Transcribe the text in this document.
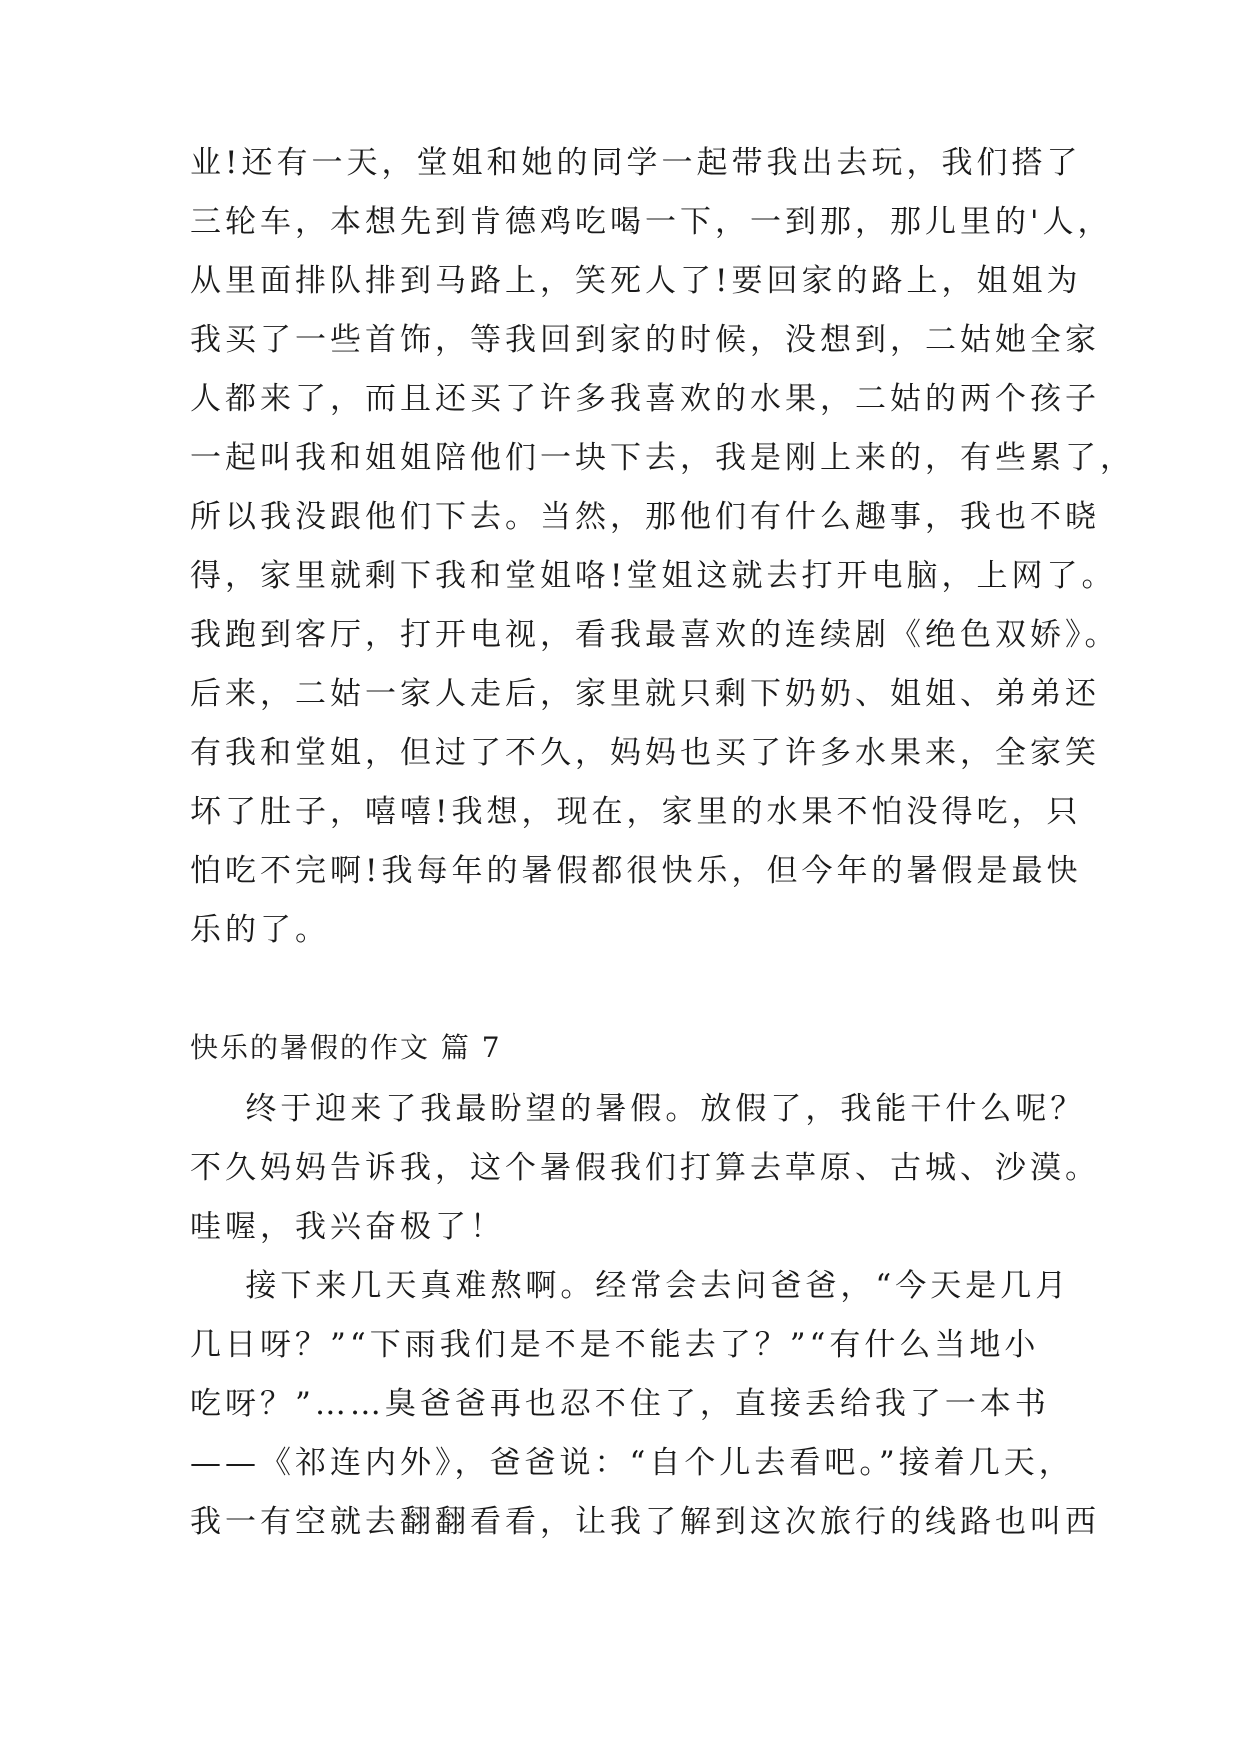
业!还有一天，堂姐和她的同学一起带我出去玩，我们搭了
三轮车，本想先到肯德鸡吃喝一下，一到那，那儿里的'人，
从里面排队排到马路上，笑死人了!要回家的路上，姐姐为
我买了一些首饰，等我回到家的时候，没想到，二姑她全家
人都来了，而且还买了许多我喜欢的水果，二姑的两个孩子
一起叫我和姐姐陪他们一块下去，我是刚上来的，有些累了，
所以我没跟他们下去。当然，那他们有什么趣事，我也不晓
得，家里就剩下我和堂姐咯!堂姐这就去打开电脑，上网了。
我跑到客厅，打开电视，看我最喜欢的连续剧《绝色双娇》。
后来，二姑一家人走后，家里就只剩下奶奶、姐姐、弟弟还
有我和堂姐，但过了不久，妈妈也买了许多水果来，全家笑
坏了肚子，嘻嘻!我想，现在，家里的水果不怕没得吃，只
怕吃不完啊!我每年的暑假都很快乐，但今年的暑假是最快
乐的了。
快乐的暑假的作文 篇 7
终于迎来了我最盼望的暑假。放假了，我能干什么呢？
不久妈妈告诉我，这个暑假我们打算去草原、古城、沙漠。
哇喔，我兴奋极了！
接下来几天真难熬啊。经常会去问爸爸，“今天是几月
几日呀？”“下雨我们是不是不能去了？”“有什么当地小
吃呀？”……臭爸爸再也忍不住了，直接丢给我了一本书
——《祁连内外》，爸爸说：“自个儿去看吧。”接着几天，
我一有空就去翻翻看看，让我了解到这次旅行的线路也叫西
